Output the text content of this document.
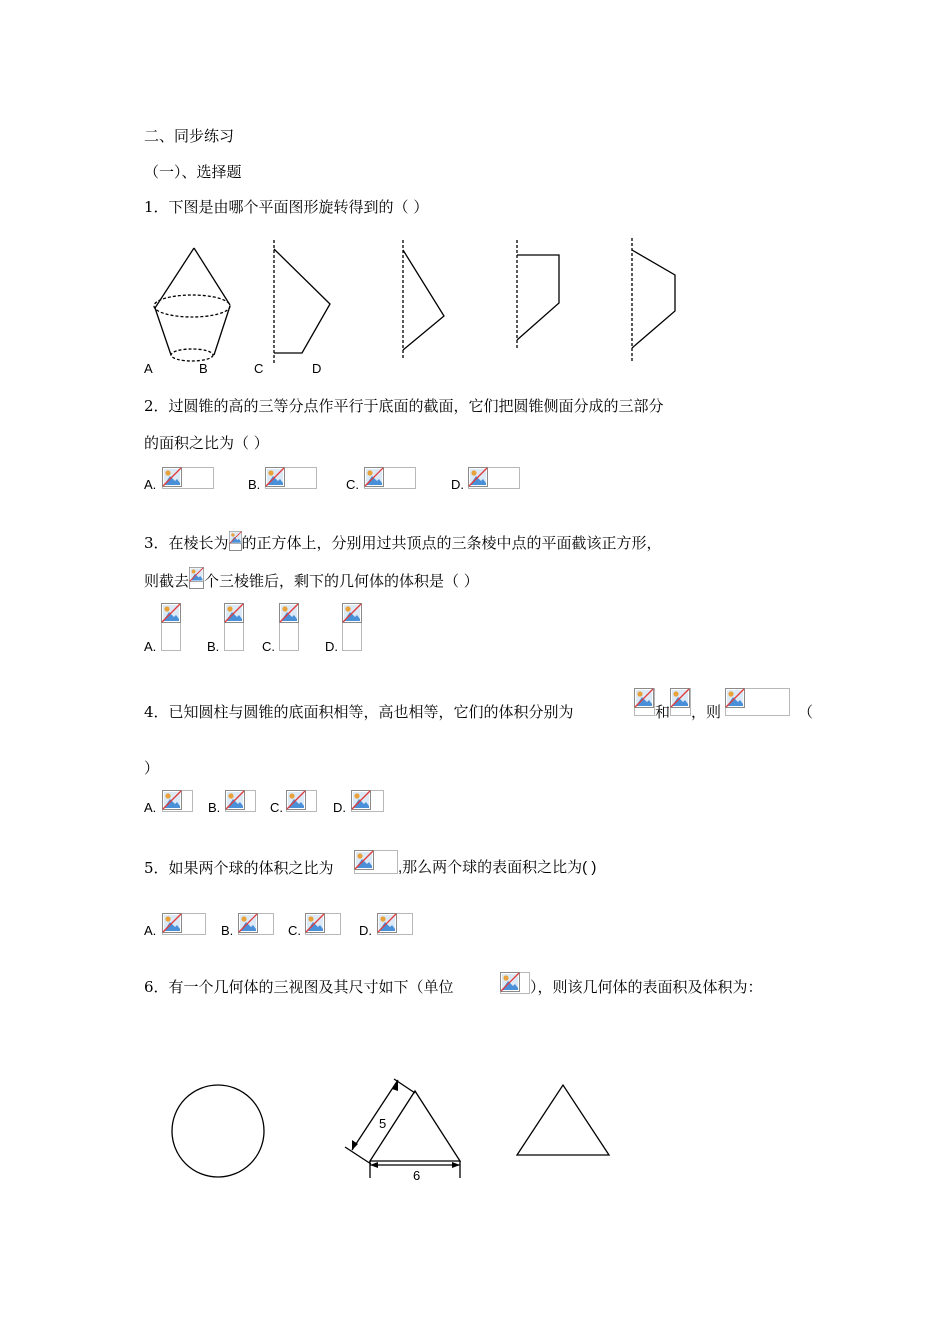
二、同步练习
（一）、选择题
1．下图是由哪个平面图形旋转得到的（ ）
A	B	C	D
2．过圆锥的高的三等分点作平行于底面的截面，它们把圆锥侧面分成的三部分
的面积之比为（ ）
A.	B.	C.	D.
3．在棱长为 的正方体上，分别用过共顶点的三条棱中点的平面截该正方形，
则截去 个三棱锥后，剩下的几何体的体积是（ ）
A.	B.	C.	D.
4．已知圆柱与圆锥的底面积相等，高也相等，它们的体积分别为	和 ，则	（
）
A.	B.	C.	D.
5．如果两个球的体积之比为	,那么两个球的表面积之比为( )
A.	B.	C.	D.
6．有一个几何体的三视图及其尺寸如下（单位	），则该几何体的表面积及体积为：
5
6
